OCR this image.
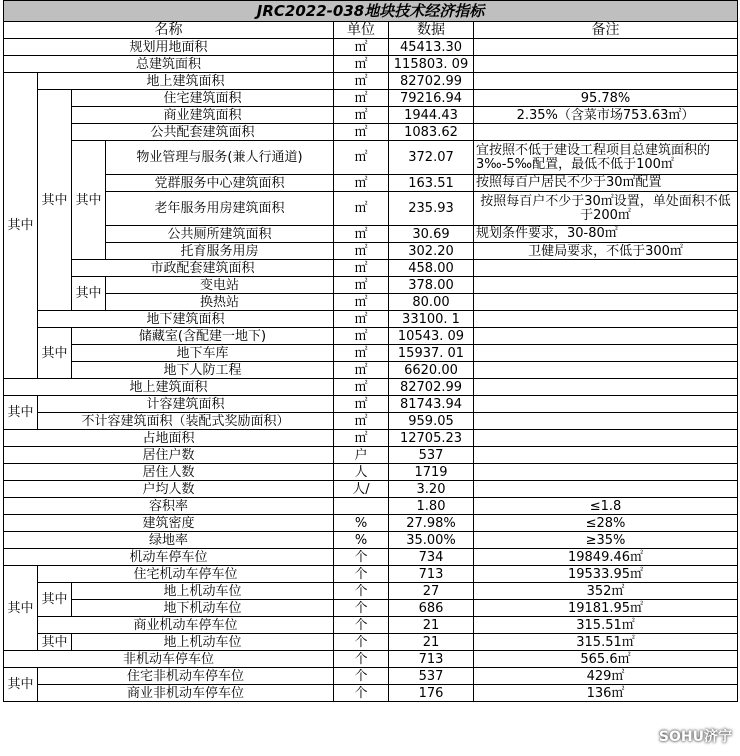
JRC2022-038地块技术经济指标						
名称				单位	数据	备注
规划用地面积				㎡	45413.30	
总建筑面积				㎡	115803. 09	
其中	地上建筑面积			㎡	82702.99	
	其中	住宅建筑面积		㎡	79216.94	95.78%
		商业建筑面积		㎡	1944.43	2.35%（含菜市场753.63㎡）
		公共配套建筑面积		㎡	1083.62	
		其中	物业管理与服务(兼人行通道)	㎡	372.07	宜按照不低于建设工程项目总建筑面积的3‰-5‰配置，最低不低于100㎡
			党群服务中心建筑面积	㎡	163.51	按照每百户居民不少于30㎡配置
			老年服务用房建筑面积	㎡	235.93	按照每百户不少于30㎡设置，单处面积不低于200㎡
			公共厕所建筑面积	㎡	30.69	规划条件要求，30-80㎡
			托育服务用房	㎡	302.20	卫健局要求，不低于300㎡
		市政配套建筑面积		㎡	458.00	
		其中	变电站	㎡	378.00	
			换热站	㎡	80.00	
	地下建筑面积			㎡	33100. 1	
	其中	储藏室(含配建一地下)		㎡	10543. 09	
		地下车库		㎡	15937. 01	
		地下人防工程		㎡	6620.00	
地上建筑面积				㎡	82702.99	
其中	计容建筑面积			㎡	81743.94	
	不计容建筑面积（装配式奖励面积）			㎡	959.05	
占地面积				㎡	12705.23	
居住户数				户	537	
居住人数				人	1719	
户均人数				人/	3.20	
容积率					1.80	≤1.8
建筑密度				%	27.98%	≤28%
绿地率				%	35.00%	≥35%
机动车停车位				个	734	19849.46㎡
其中	住宅机动车停车位			个	713	19533.95㎡
	其中	地上机动车位		个	27	352㎡
		地下机动车位		个	686	19181.95㎡
	商业机动车停车位			个	21	315.51㎡
	其中	地上机动车位		个	21	315.51㎡
非机动车停车位				个	713	565.6㎡
其中	住宅非机动车停车位			个	537	429㎡
	商业非机动车停车位			个	176	136㎡
SOHU济宁
